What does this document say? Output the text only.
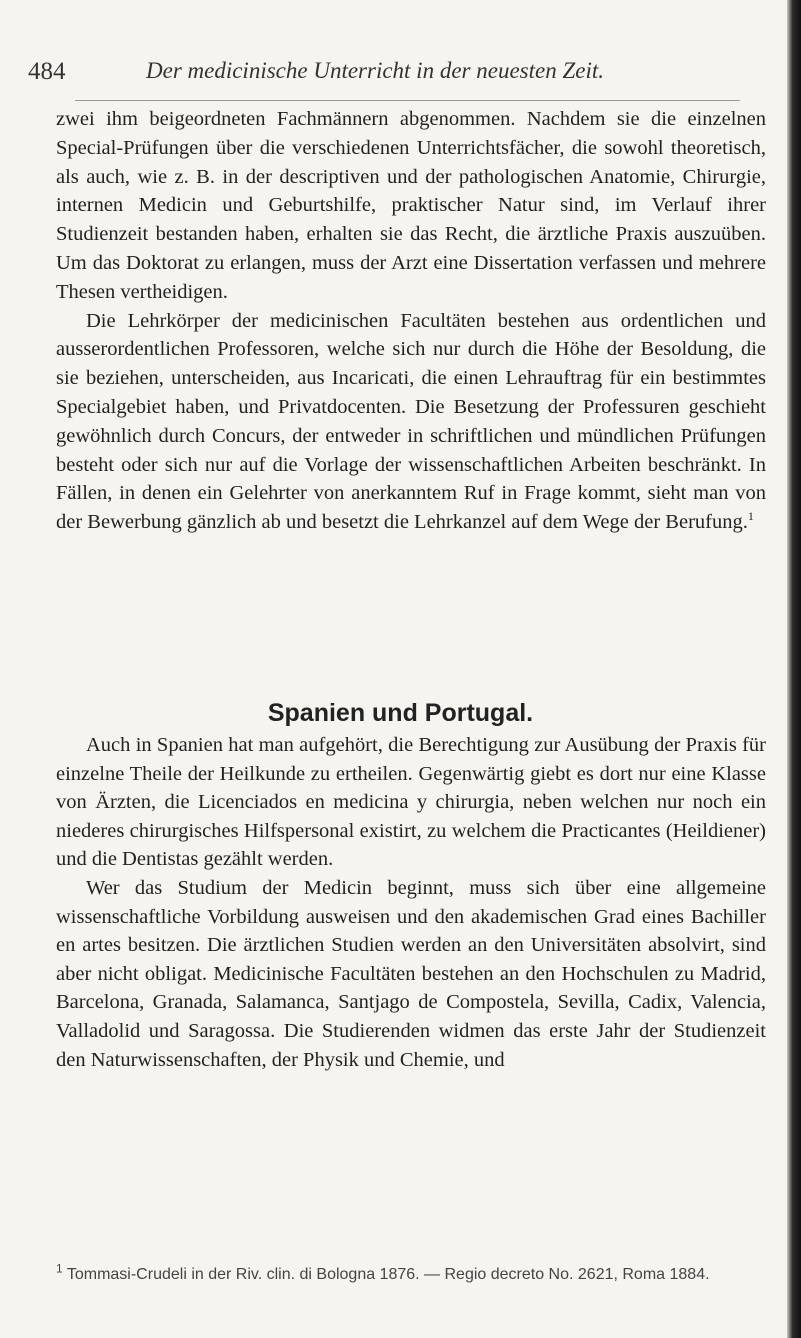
484	Der medicinische Unterricht in der neuesten Zeit.

zwei ihm beigeordneten Fachmännern abgenommen. Nachdem sie die einzelnen Special-Prüfungen über die verschiedenen Unterrichtsfächer, die sowohl theoretisch, als auch, wie z. B. in der descriptiven und der pathologischen Anatomie, Chirurgie, internen Medicin und Geburtshilfe, praktischer Natur sind, im Verlauf ihrer Studienzeit bestanden haben, erhalten sie das Recht, die ärztliche Praxis auszuüben. Um das Doktorat zu erlangen, muss der Arzt eine Dissertation verfassen und mehrere Thesen vertheidigen.

Die Lehrkörper der medicinischen Facultäten bestehen aus ordentlichen und ausserordentlichen Professoren, welche sich nur durch die Höhe der Besoldung, die sie beziehen, unterscheiden, aus Incaricati, die einen Lehrauftrag für ein bestimmtes Specialgebiet haben, und Privatdocenten. Die Besetzung der Professuren geschieht gewöhnlich durch Concurs, der entweder in schriftlichen und mündlichen Prüfungen besteht oder sich nur auf die Vorlage der wissenschaftlichen Arbeiten beschränkt. In Fällen, in denen ein Gelehrter von anerkanntem Ruf in Frage kommt, sieht man von der Bewerbung gänzlich ab und besetzt die Lehrkanzel auf dem Wege der Berufung.$^1$

Spanien und Portugal.

Auch in Spanien hat man aufgehört, die Berechtigung zur Ausübung der Praxis für einzelne Theile der Heilkunde zu ertheilen. Gegenwärtig giebt es dort nur eine Klasse von Ärzten, die Licenciados en medicina y chirurgia, neben welchen nur noch ein niederes chirurgisches Hilfspersonal existirt, zu welchem die Practicantes (Heildiener) und die Dentistas gezählt werden.

Wer das Studium der Medicin beginnt, muss sich über eine allgemeine wissenschaftliche Vorbildung ausweisen und den akademischen Grad eines Bachiller en artes besitzen. Die ärztlichen Studien werden an den Universitäten absolvirt, sind aber nicht obligat. Medicinische Facultäten bestehen an den Hochschulen zu Madrid, Barcelona, Granada, Salamanca, Santjago de Compostela, Sevilla, Cadix, Valencia, Valladolid und Saragossa. Die Studierenden widmen das erste Jahr der Studienzeit den Naturwissenschaften, der Physik und Chemie, und

$^1$ Tommasi-Crudeli in der Riv. clin. di Bologna 1876. — Regio decreto No. 2621, Roma 1884.
